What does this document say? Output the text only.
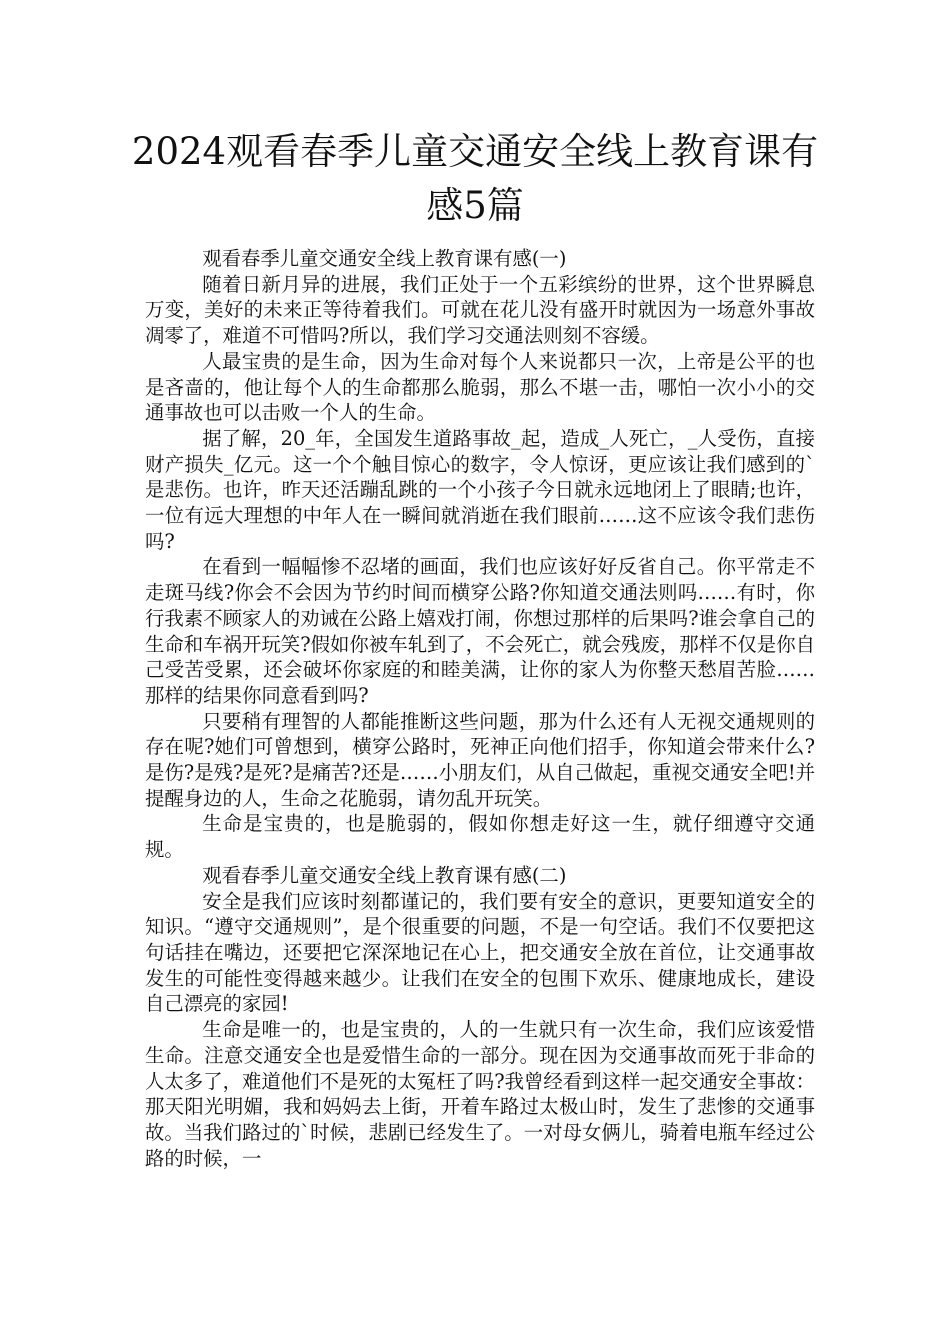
2024观看春季儿童交通安全线上教育课有感5篇

观看春季儿童交通安全线上教育课有感(一)

随着日新月异的进展，我们正处于一个五彩缤纷的世界，这个世界瞬息万变，美好的未来正等待着我们。可就在花儿没有盛开时就因为一场意外事故凋零了，难道不可惜吗?所以，我们学习交通法则刻不容缓。

人最宝贵的是生命，因为生命对每个人来说都只一次，上帝是公平的也是吝啬的，他让每个人的生命都那么脆弱，那么不堪一击，哪怕一次小小的交通事故也可以击败一个人的生命。

据了解，20_年，全国发生道路事故_起，造成_人死亡，_人受伤，直接财产损失_亿元。这一个个触目惊心的数字，令人惊讶，更应该让我们感到的`是悲伤。也许，昨天还活蹦乱跳的一个小孩子今日就永远地闭上了眼睛;也许，一位有远大理想的中年人在一瞬间就消逝在我们眼前……这不应该令我们悲伤吗?

在看到一幅幅惨不忍堵的画面，我们也应该好好反省自己。你平常走不走斑马线?你会不会因为节约时间而横穿公路?你知道交通法则吗……有时，你行我素不顾家人的劝诫在公路上嬉戏打闹，你想过那样的后果吗?谁会拿自己的生命和车祸开玩笑?假如你被车轧到了，不会死亡，就会残废，那样不仅是你自己受苦受累，还会破坏你家庭的和睦美满，让你的家人为你整天愁眉苦脸……那样的结果你同意看到吗?

只要稍有理智的人都能推断这些问题，那为什么还有人无视交通规则的存在呢?她们可曾想到，横穿公路时，死神正向他们招手，你知道会带来什么?是伤?是残?是死?是痛苦?还是……小朋友们，从自己做起，重视交通安全吧!并提醒身边的人，生命之花脆弱，请勿乱开玩笑。

生命是宝贵的，也是脆弱的，假如你想走好这一生，就仔细遵守交通规。

观看春季儿童交通安全线上教育课有感(二)

安全是我们应该时刻都谨记的，我们要有安全的意识，更要知道安全的知识。“遵守交通规则”，是个很重要的问题，不是一句空话。我们不仅要把这句话挂在嘴边，还要把它深深地记在心上，把交通安全放在首位，让交通事故发生的可能性变得越来越少。让我们在安全的包围下欢乐、健康地成长，建设自己漂亮的家园!

生命是唯一的，也是宝贵的，人的一生就只有一次生命，我们应该爱惜生命。注意交通安全也是爱惜生命的一部分。现在因为交通事故而死于非命的人太多了，难道他们不是死的太冤枉了吗?我曾经看到这样一起交通安全事故：那天阳光明媚，我和妈妈去上街，开着车路过太极山时，发生了悲惨的交通事故。当我们路过的`时候，悲剧已经发生了。一对母女俩儿，骑着电瓶车经过公路的时候，一
